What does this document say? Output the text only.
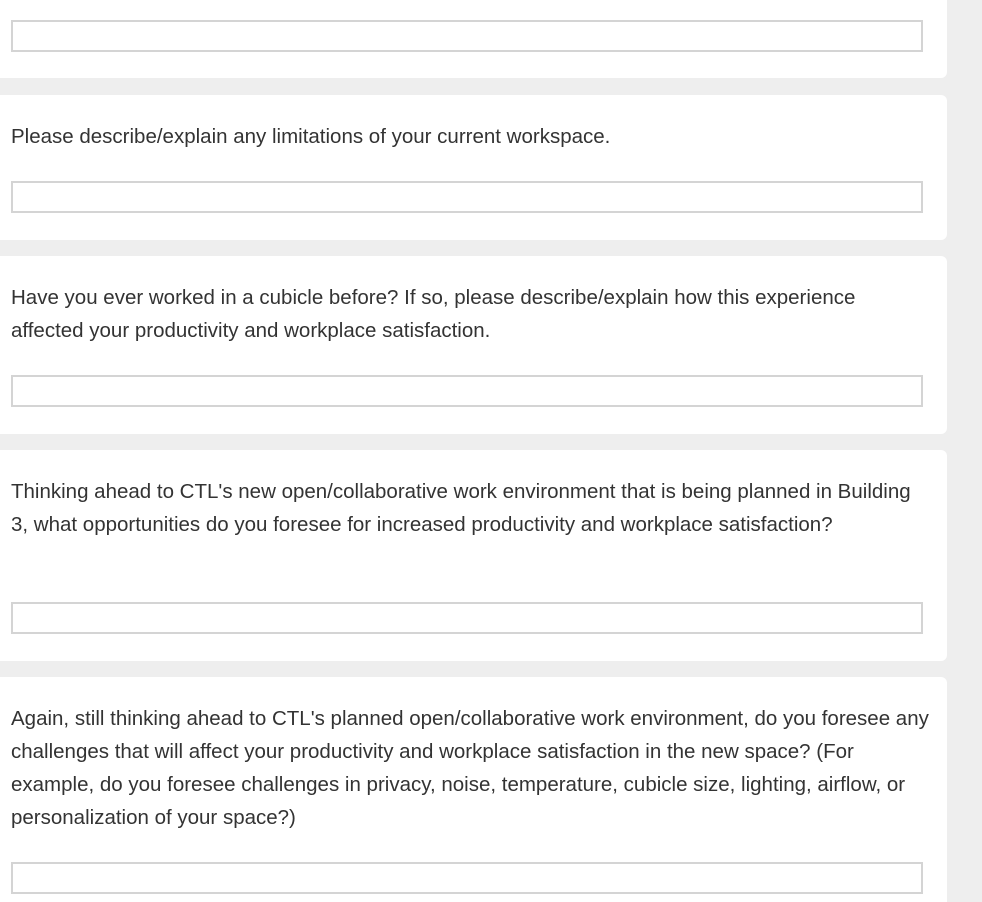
Please describe/explain any limitations of your current workspace.

Have you ever worked in a cubicle before? If so, please describe/explain how this experience affected your productivity and workplace satisfaction.

Thinking ahead to CTL's new open/collaborative work environment that is being planned in Building 3, what opportunities do you foresee for increased productivity and workplace satisfaction?

Again, still thinking ahead to CTL's planned open/collaborative work environment, do you foresee any challenges that will affect your productivity and workplace satisfaction in the new space? (For example, do you foresee challenges in privacy, noise, temperature, cubicle size, lighting, airflow, or personalization of your space?)
